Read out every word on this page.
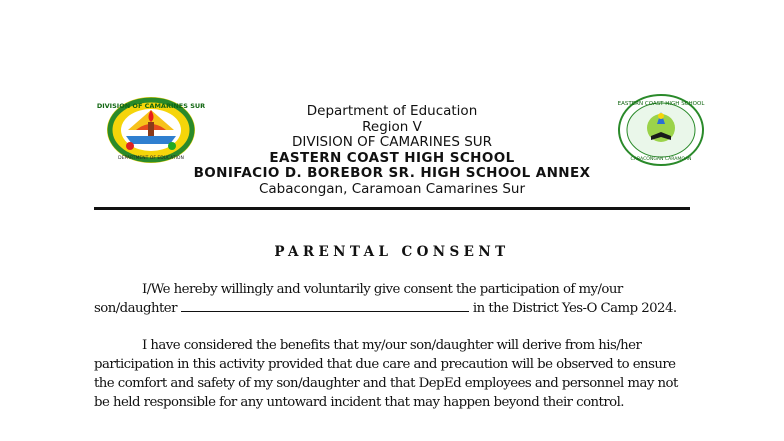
DIVISION OF CAMARINES SUR
DEPARTMENT OF EDUCATION
EASTERN COAST HIGH SCHOOL
CABACONGAN CARAMOAN
Department of Education
Region V
DIVISION OF CAMARINES SUR
EASTERN COAST HIGH SCHOOL
BONIFACIO D. BOREBOR SR. HIGH SCHOOL ANNEX
Cabacongan, Caramoan Camarines Sur
PARENTAL CONSENT
I/We hereby willingly and voluntarily give consent the participation of my/our son/daughter	in the District Yes-O Camp 2024.
I have considered the benefits that my/our son/daughter will derive from his/her participation in this activity provided that due care and precaution will be observed to ensure the comfort and safety of my son/daughter and that DepEd employees and personnel may not be held responsible for any untoward incident that may happen beyond their control.
